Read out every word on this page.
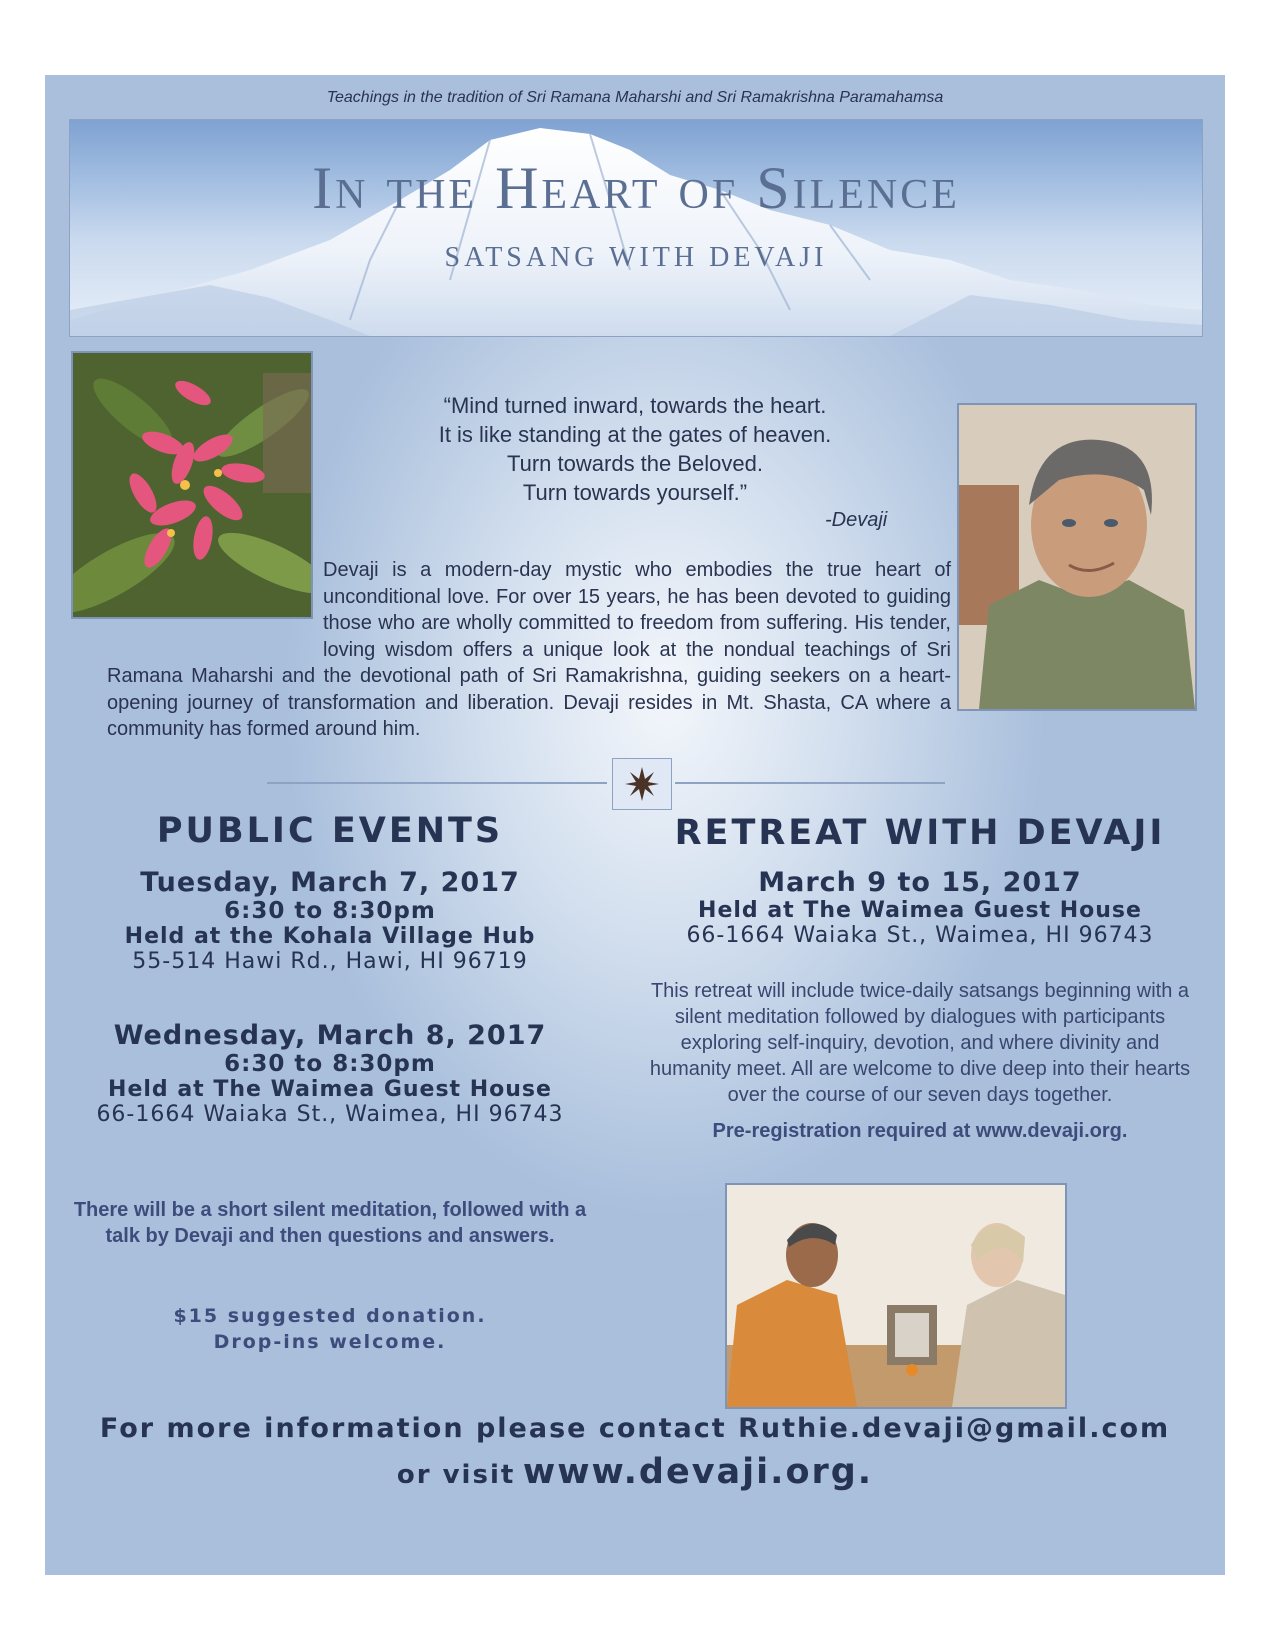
Teachings in the tradition of Sri Ramana Maharshi and Sri Ramakrishna Paramahamsa
In the Heart of Silence
SATSANG WITH DEVAJI
“Mind turned inward, towards the heart.
It is like standing at the gates of heaven.
Turn towards the Beloved.
Turn towards yourself.”
-Devaji
Devaji is a modern-day mystic who embodies the true heart of unconditional love. For over 15 years, he has been devoted to guiding those who are wholly committed to freedom from suffering. His tender, loving wisdom offers a unique look at the nondual teachings of Sri Ramana Maharshi and the devotional path of Sri Ramakrishna, guiding seekers on a heart-opening journey of transformation and liberation. Devaji resides in Mt. Shasta, CA where a community has formed around him.
PUBLIC EVENTS
Tuesday, March 7, 2017
6:30 to 8:30pm
Held at the Kohala Village Hub
55-514 Hawi Rd., Hawi, HI 96719
Wednesday, March 8, 2017
6:30 to 8:30pm
Held at The Waimea Guest House
66-1664 Waiaka St., Waimea, HI 96743
There will be a short silent meditation, followed with a talk by Devaji and then questions and answers.
$15 suggested donation.
Drop-ins welcome.
RETREAT WITH DEVAJI
March 9 to 15, 2017
Held at The Waimea Guest House
66-1664 Waiaka St., Waimea, HI 96743
This retreat will include twice-daily satsangs beginning with a silent meditation followed by dialogues with participants exploring self-inquiry, devotion, and where divinity and humanity meet. All are welcome to dive deep into their hearts over the course of our seven days together.
Pre-registration required at www.devaji.org.
For more information please contact Ruthie.devaji@gmail.com
or visit www.devaji.org.
